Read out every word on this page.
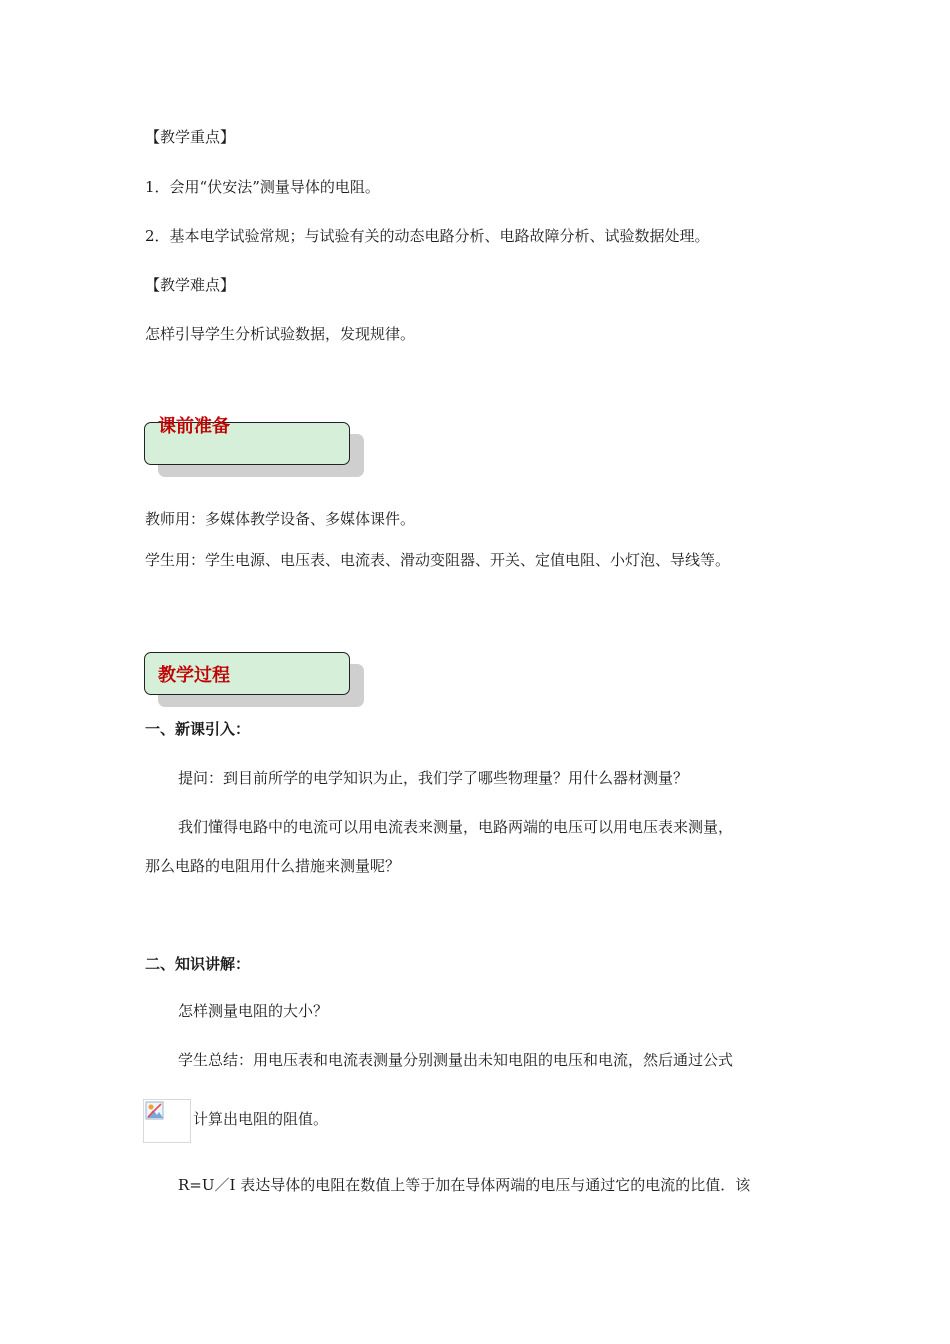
【教学重点】
1．会用“伏安法”测量导体的电阻。
2．基本电学试验常规；与试验有关的动态电路分析、电路故障分析、试验数据处理。
【教学难点】
怎样引导学生分析试验数据，发现规律。
课前准备
教师用：多媒体教学设备、多媒体课件。
学生用：学生电源、电压表、电流表、滑动变阻器、开关、定值电阻、小灯泡、导线等。
教学过程
一、新课引入：
提问：到目前所学的电学知识为止，我们学了哪些物理量？用什么器材测量？
我们懂得电路中的电流可以用电流表来测量，电路两端的电压可以用电压表来测量，
那么电路的电阻用什么措施来测量呢？
二、知识讲解：
怎样测量电阻的大小？
学生总结：用电压表和电流表测量分别测量出未知电阻的电压和电流，然后通过公式
计算出电阻的阻值。
R=U／I 表达导体的电阻在数值上等于加在导体两端的电压与通过它的电流的比值．该
